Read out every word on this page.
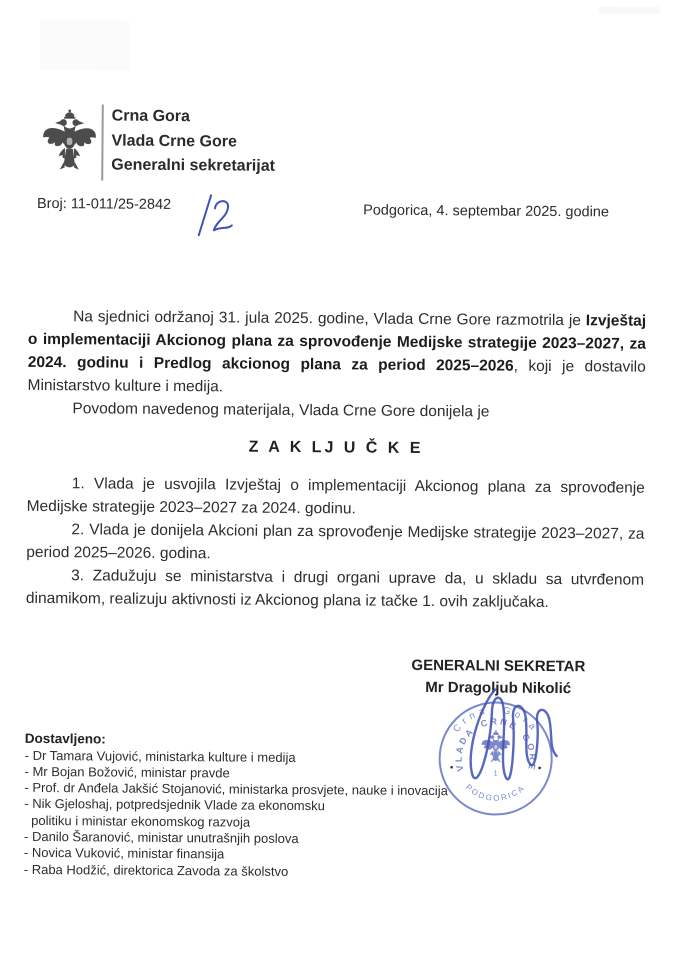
Crna Gora
Vlada Crne Gore
Generalni sekretarijat
Broj: 11-011/25-2842	Podgorica, 4. septembar 2025. godine

Na sjednici održanoj 31. jula 2025. godine, Vlada Crne Gore razmotrila je Izvještaj o implementaciji Akcionog plana za sprovođenje Medijske strategije 2023–2027, za 2024. godinu i Predlog akcionog plana za period 2025–2026, koji je dostavilo Ministarstvo kulture i medija.

Povodom navedenog materijala, Vlada Crne Gore donijela je

Z A K LJ U Č K E

1. Vlada je usvojila Izvještaj o implementaciji Akcionog plana za sprovođenje Medijske strategije 2023–2027 za 2024. godinu.

2. Vlada je donijela Akcioni plan za sprovođenje Medijske strategije 2023–2027, za period 2025–2026. godina.

3. Zadužuju se ministarstva i drugi organi uprave da, u skladu sa utvrđenom dinamikom, realizuju aktivnosti iz Akcionog plana iz tačke 1. ovih zaključaka.

GENERALNI SEKRETAR
Mr Dragoljub Nikolić
Crna Gora
VLADA CRNE GORE
PODGORICA
1
Dostavljeno:
- Dr Tamara Vujović, ministarka kulture i medija
- Mr Bojan Božović, ministar pravde
- Prof. dr Anđela Jakšić Stojanović, ministarka prosvjete, nauke i inovacija
- Nik Gjeloshaj, potpredsjednik Vlade za ekonomsku
politiku i ministar ekonomskog razvoja
- Danilo Šaranović, ministar unutrašnjih poslova
- Novica Vuković, ministar finansija
- Raba Hodžić, direktorica Zavoda za školstvo
